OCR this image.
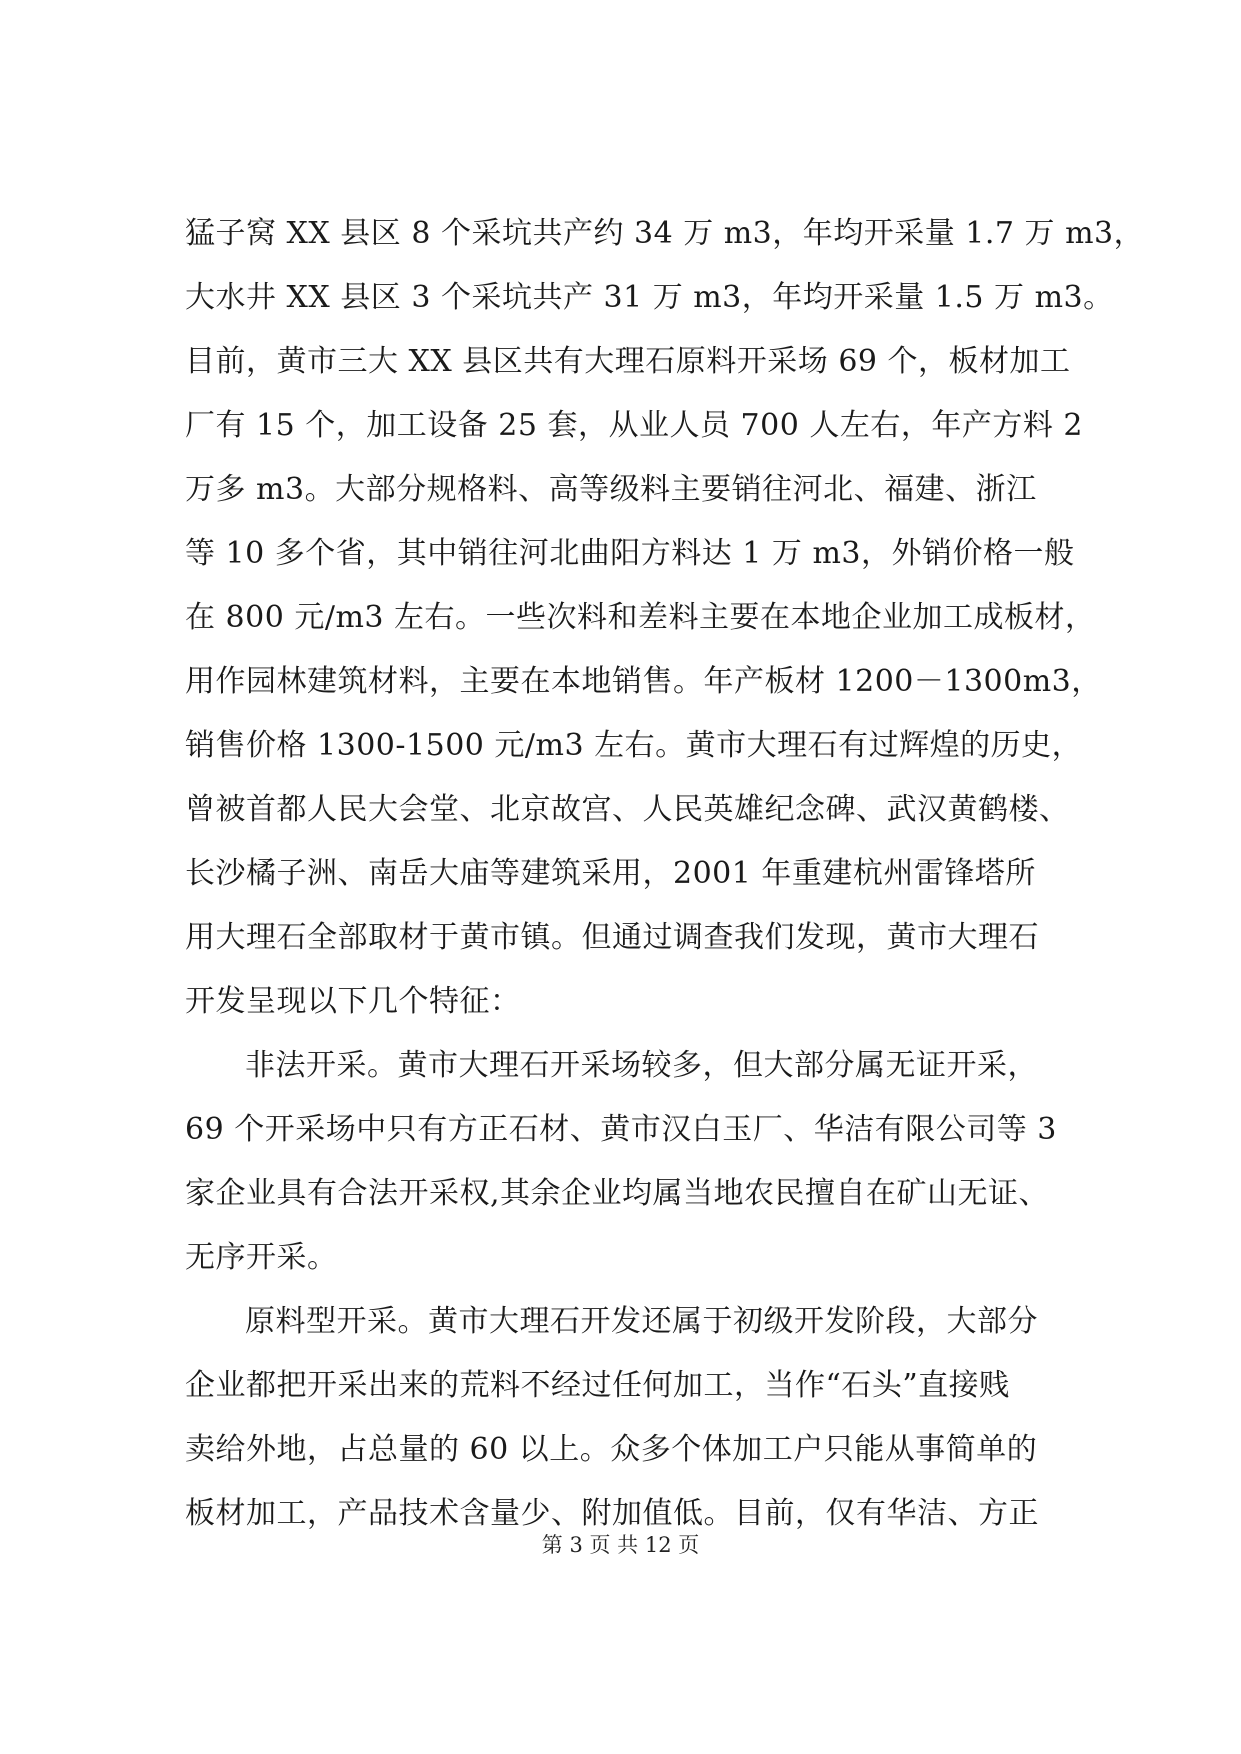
猛子窝 XX 县区 8 个采坑共产约 34 万 m3，年均开采量 1.7 万 m3，
大水井 XX 县区 3 个采坑共产 31 万 m3，年均开采量 1.5 万 m3。
目前，黄市三大 XX 县区共有大理石原料开采场 69 个，板材加工
厂有 15 个，加工设备 25 套，从业人员 700 人左右，年产方料 2
万多 m3。大部分规格料、高等级料主要销往河北、福建、浙江
等 10 多个省，其中销往河北曲阳方料达 1 万 m3，外销价格一般
在 800 元/m3 左右。一些次料和差料主要在本地企业加工成板材，
用作园林建筑材料，主要在本地销售。年产板材 1200－1300m3，
销售价格 1300-1500 元/m3 左右。黄市大理石有过辉煌的历史，
曾被首都人民大会堂、北京故宫、人民英雄纪念碑、武汉黄鹤楼、
长沙橘子洲、南岳大庙等建筑采用，2001 年重建杭州雷锋塔所
用大理石全部取材于黄市镇。但通过调查我们发现，黄市大理石
开发呈现以下几个特征：
非法开采。黄市大理石开采场较多，但大部分属无证开采，
69 个开采场中只有方正石材、黄市汉白玉厂、华洁有限公司等 3
家企业具有合法开采权,其余企业均属当地农民擅自在矿山无证、
无序开采。
原料型开采。黄市大理石开发还属于初级开发阶段，大部分
企业都把开采出来的荒料不经过任何加工，当作“石头”直接贱
卖给外地，占总量的 60 以上。众多个体加工户只能从事简单的
板材加工，产品技术含量少、附加值低。目前，仅有华洁、方正
第 3 页 共 12 页
